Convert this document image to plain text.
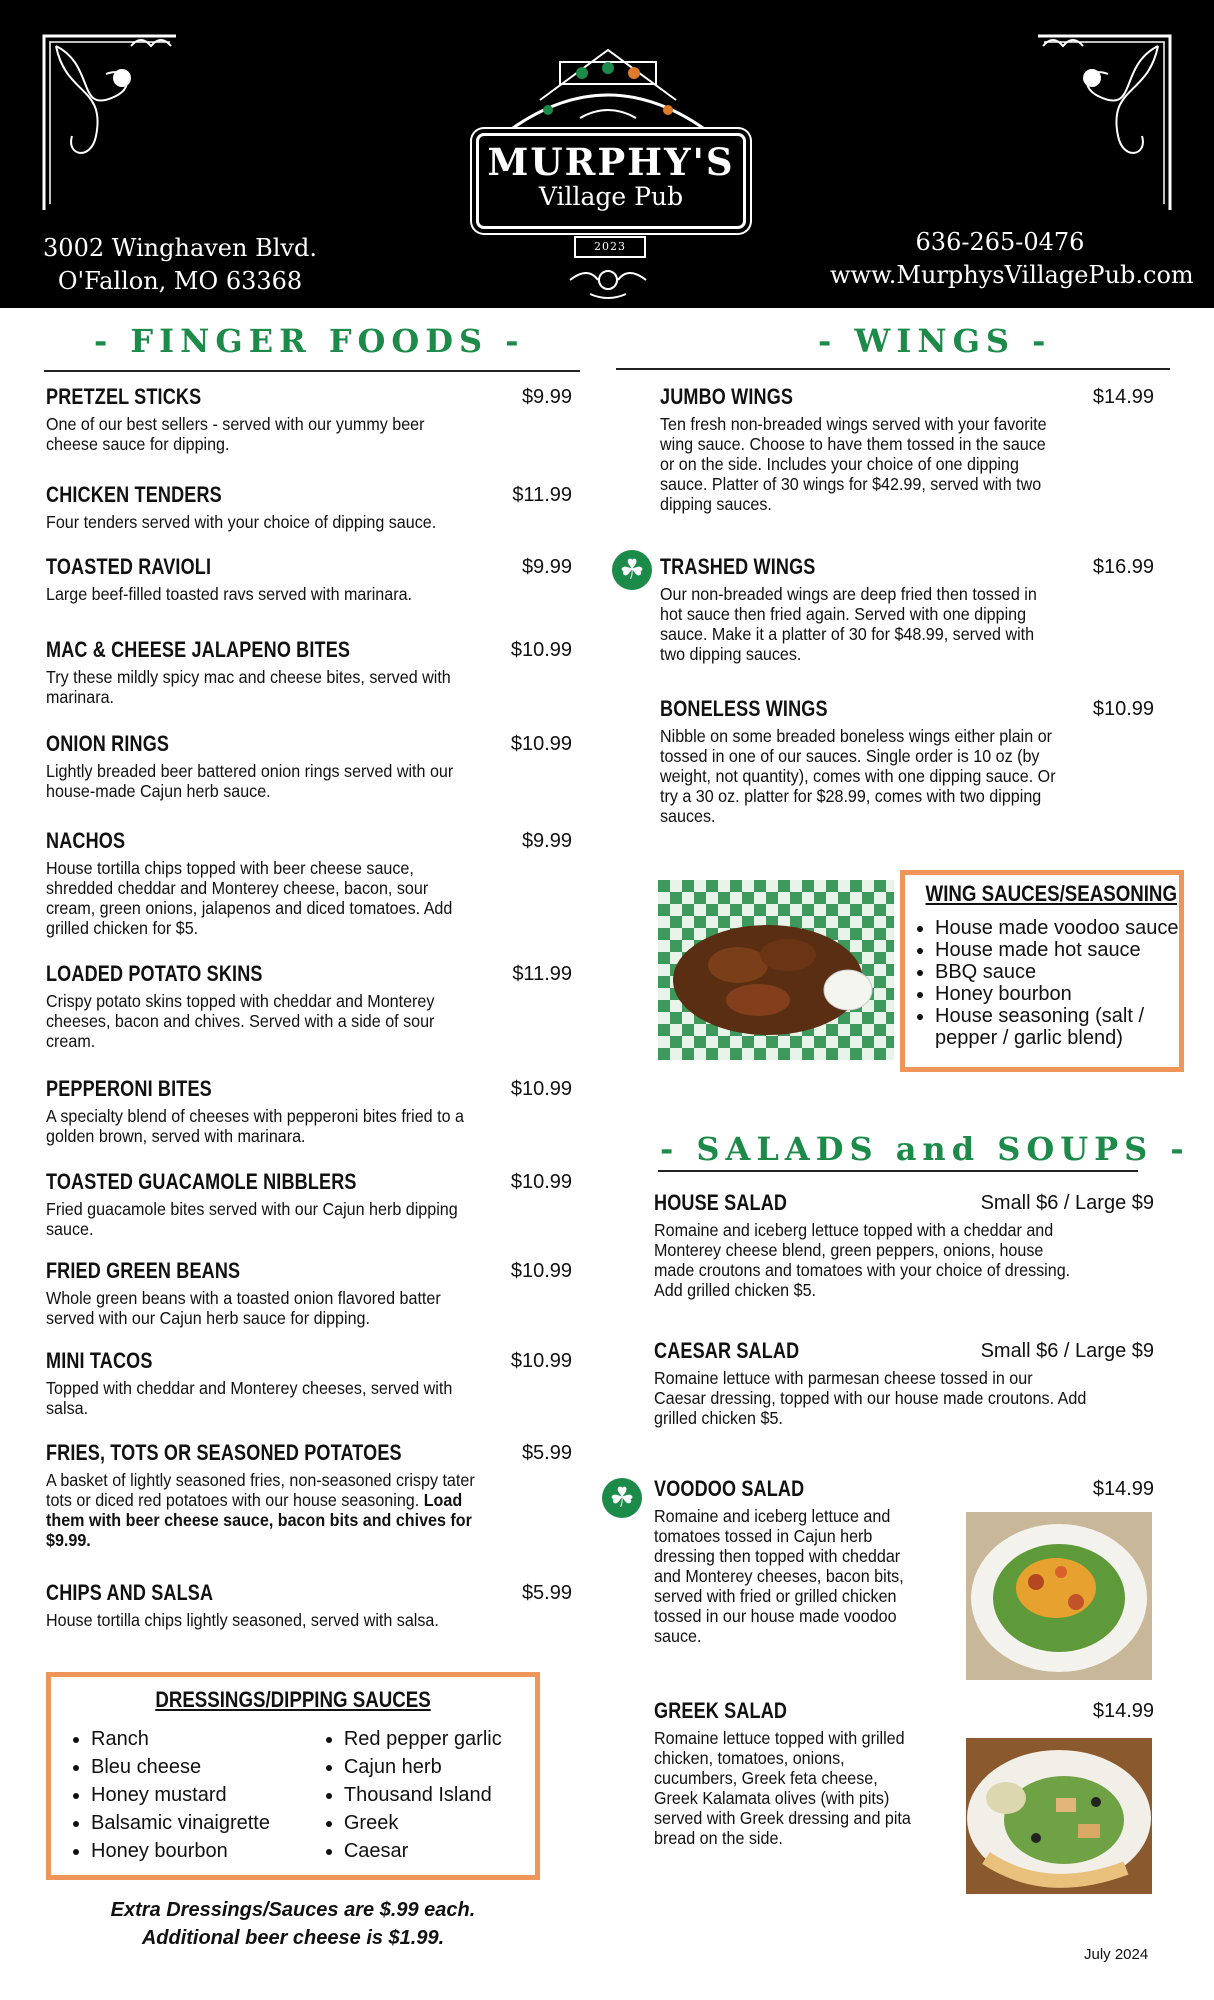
3002 Winghaven Blvd.
O'Fallon, MO 63368
636-265-0476
www.MurphysVillagePub.com
MURPHY'S
Village Pub
2023
- FINGER FOODS -
PRETZEL STICKS	$9.99
One of our best sellers - served with our yummy beer cheese sauce for dipping.
CHICKEN TENDERS	$11.99
Four tenders served with your choice of dipping sauce.
TOASTED RAVIOLI	$9.99
Large beef-filled toasted ravs served with marinara.
MAC & CHEESE JALAPENO BITES	$10.99
Try these mildly spicy mac and cheese bites, served with marinara.
ONION RINGS	$10.99
Lightly breaded beer battered onion rings served with our house-made Cajun herb sauce.
NACHOS	$9.99
House tortilla chips topped with beer cheese sauce, shredded cheddar and Monterey cheese, bacon, sour cream, green onions, jalapenos and diced tomatoes. Add grilled chicken for $5.
LOADED POTATO SKINS	$11.99
Crispy potato skins topped with cheddar and Monterey cheeses, bacon and chives. Served with a side of sour cream.
PEPPERONI BITES	$10.99
A specialty blend of cheeses with pepperoni bites fried to a golden brown, served with marinara.
TOASTED GUACAMOLE NIBBLERS	$10.99
Fried guacamole bites served with our Cajun herb dipping sauce.
FRIED GREEN BEANS	$10.99
Whole green beans with a toasted onion flavored batter served with our Cajun herb sauce for dipping.
MINI TACOS	$10.99
Topped with cheddar and Monterey cheeses, served with salsa.
FRIES, TOTS OR SEASONED POTATOES	$5.99
A basket of lightly seasoned fries, non-seasoned crispy tater tots or diced red potatoes with our house seasoning. Load them with beer cheese sauce, bacon bits and chives for $9.99.
CHIPS AND SALSA	$5.99
House tortilla chips lightly seasoned, served with salsa.
DRESSINGS/DIPPING SAUCES
• Ranch
• Bleu cheese
• Honey mustard
• Balsamic vinaigrette
• Honey bourbon
• Red pepper garlic
• Cajun herb
• Thousand Island
• Greek
• Caesar
Extra Dressings/Sauces are $.99 each.
Additional beer cheese is $1.99.
- WINGS -
☘
JUMBO WINGS	$14.99
Ten fresh non-breaded wings served with your favorite wing sauce. Choose to have them tossed in the sauce or on the side. Includes your choice of one dipping sauce. Platter of 30 wings for $42.99, served with two dipping sauces.
TRASHED WINGS	$16.99
Our non-breaded wings are deep fried then tossed in hot sauce then fried again. Served with one dipping sauce. Make it a platter of 30 for $48.99, served with two dipping sauces.
BONELESS WINGS	$10.99
Nibble on some breaded boneless wings either plain or tossed in one of our sauces. Single order is 10 oz (by weight, not quantity), comes with one dipping sauce. Or try a 30 oz. platter for $28.99, comes with two dipping sauces.
WING SAUCES/SEASONING
• House made voodoo sauce
• House made hot sauce
• BBQ sauce
• Honey bourbon
• House seasoning (salt / pepper / garlic blend)
- SALADS and SOUPS -
☘
HOUSE SALAD	Small $6 / Large $9
Romaine and iceberg lettuce topped with a cheddar and Monterey cheese blend, green peppers, onions, house made croutons and tomatoes with your choice of dressing. Add grilled chicken $5.
CAESAR SALAD	Small $6 / Large $9
Romaine lettuce with parmesan cheese tossed in our Caesar dressing, topped with our house made croutons. Add grilled chicken $5.
VOODOO SALAD	$14.99
Romaine and iceberg lettuce and tomatoes tossed in Cajun herb dressing then topped with cheddar and Monterey cheeses, bacon bits, served with fried or grilled chicken tossed in our house made voodoo sauce.
GREEK SALAD	$14.99
Romaine lettuce topped with grilled chicken, tomatoes, onions, cucumbers, Greek feta cheese, Greek Kalamata olives (with pits) served with Greek dressing and pita bread on the side.
July 2024
